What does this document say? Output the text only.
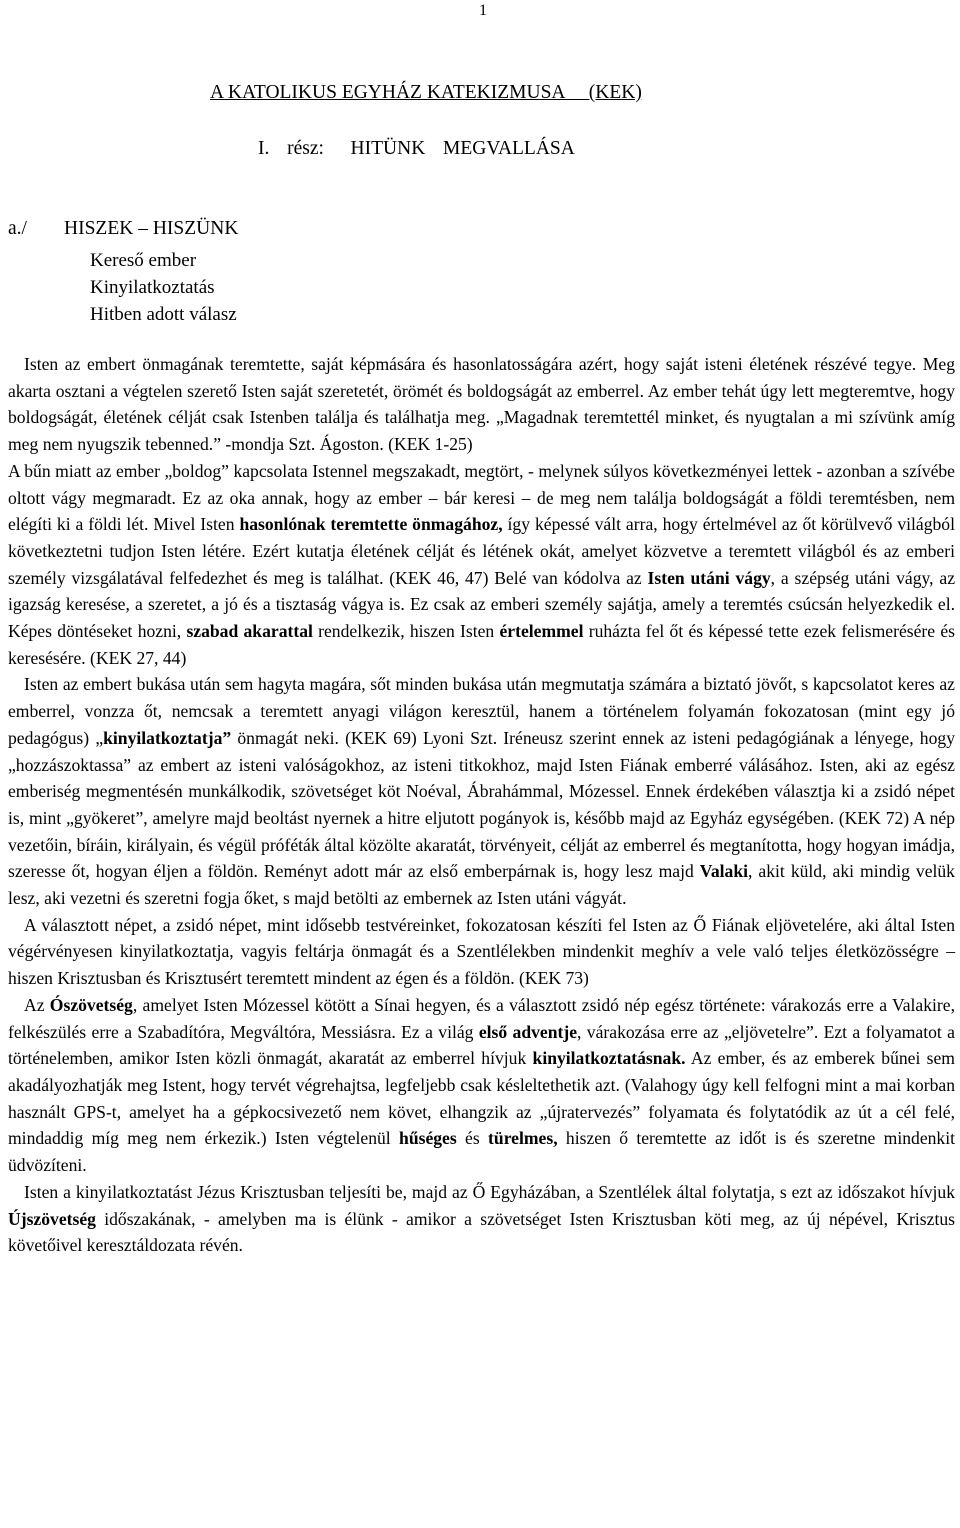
1
A KATOLIKUS EGYHÁZ KATEKIZMUSA     (KEK)
I.  rész:   HITÜNK  MEGVALLÁSA
a./ HISZEK – HISZÜNK
Kereső ember
Kinyilatkoztatás
Hitben adott válasz

Isten az embert önmagának teremtette, saját képmására és hasonlatosságára azért, hogy saját isteni életének részévé tegye. Meg akarta osztani a végtelen szerető Isten saját szeretetét, örömét és boldogságát az emberrel. Az ember tehát úgy lett megteremtve, hogy boldogságát, életének célját csak Istenben találja és találhatja meg. „Magadnak teremtettél minket, és nyugtalan a mi szívünk amíg meg nem nyugszik tebenned.” -mondja Szt. Ágoston. (KEK 1-25)

A bűn miatt az ember „boldog” kapcsolata Istennel megszakadt, megtört, - melynek súlyos következményei lettek - azonban a szívébe oltott vágy megmaradt. Ez az oka annak, hogy az ember – bár keresi – de meg nem találja boldogságát a földi teremtésben, nem elégíti ki a földi lét. Mivel Isten hasonlónak teremtette önmagához, így képessé vált arra, hogy értelmével az őt körülvevő világból következtetni tudjon Isten létére. Ezért kutatja életének célját és létének okát, amelyet közvetve a teremtett világból és az emberi személy vizsgálatával felfedezhet és meg is találhat. (KEK 46, 47) Belé van kódolva az Isten utáni vágy, a szépség utáni vágy, az igazság keresése, a szeretet, a jó és a tisztaság vágya is. Ez csak az emberi személy sajátja, amely a teremtés csúcsán helyezkedik el. Képes döntéseket hozni, szabad akarattal rendelkezik, hiszen Isten értelemmel ruházta fel őt és képessé tette ezek felismerésére és keresésére. (KEK 27, 44)

Isten az embert bukása után sem hagyta magára, sőt minden bukása után megmutatja számára a biztató jövőt, s kapcsolatot keres az emberrel, vonzza őt, nemcsak a teremtett anyagi világon keresztül, hanem a történelem folyamán fokozatosan (mint egy jó pedagógus) „kinyilatkoztatja” önmagát neki. (KEK 69) Lyoni Szt. Iréneusz szerint ennek az isteni pedagógiának a lényege, hogy „hozzászoktassa” az embert az isteni valóságokhoz, az isteni titkokhoz, majd Isten Fiának emberré válásához. Isten, aki az egész emberiség megmentésén munkálkodik, szövetséget köt Noéval, Ábrahámmal, Mózessel. Ennek érdekében választja ki a zsidó népet is, mint „gyökeret”, amelyre majd beoltást nyernek a hitre eljutott pogányok is, később majd az Egyház egységében. (KEK 72) A nép vezetőin, bíráin, királyain, és végül próféták által közölte akaratát, törvényeit, célját az emberrel és megtanította, hogy hogyan imádja, szeresse őt, hogyan éljen a földön. Reményt adott már az első emberpárnak is, hogy lesz majd Valaki, akit küld, aki mindig velük lesz, aki vezetni és szeretni fogja őket, s majd betölti az embernek az Isten utáni vágyát.

A választott népet, a zsidó népet, mint idősebb testvéreinket, fokozatosan készíti fel Isten az Ő Fiának eljövetelére, aki által Isten végérvényesen kinyilatkoztatja, vagyis feltárja önmagát és a Szentlélekben mindenkit meghív a vele való teljes életközösségre – hiszen Krisztusban és Krisztusért teremtett mindent az égen és a földön. (KEK 73)

Az Ószövetség, amelyet Isten Mózessel kötött a Sínai hegyen, és a választott zsidó nép egész története: várakozás erre a Valakire, felkészülés erre a Szabadítóra, Megváltóra, Messiásra. Ez a világ első adventje, várakozása erre az „eljövetelre”. Ezt a folyamatot a történelemben, amikor Isten közli önmagát, akaratát az emberrel hívjuk kinyilatkoztatásnak. Az ember, és az emberek bűnei sem akadályozhatják meg Istent, hogy tervét végrehajtsa, legfeljebb csak késleltethetik azt. (Valahogy úgy kell felfogni mint a mai korban használt GPS-t, amelyet ha a gépkocsivezető nem követ, elhangzik az „újratervezés” folyamata és folytatódik az út a cél felé, mindaddig míg meg nem érkezik.) Isten végtelenül hűséges és türelmes, hiszen ő teremtette az időt is és szeretne mindenkit üdvözíteni.

Isten a kinyilatkoztatást Jézus Krisztusban teljesíti be, majd az Ő Egyházában, a Szentlélek által folytatja, s ezt az időszakot hívjuk Újszövetség időszakának, - amelyben ma is élünk - amikor a szövetséget Isten Krisztusban köti meg, az új népével, Krisztus követőivel keresztáldozata révén.
